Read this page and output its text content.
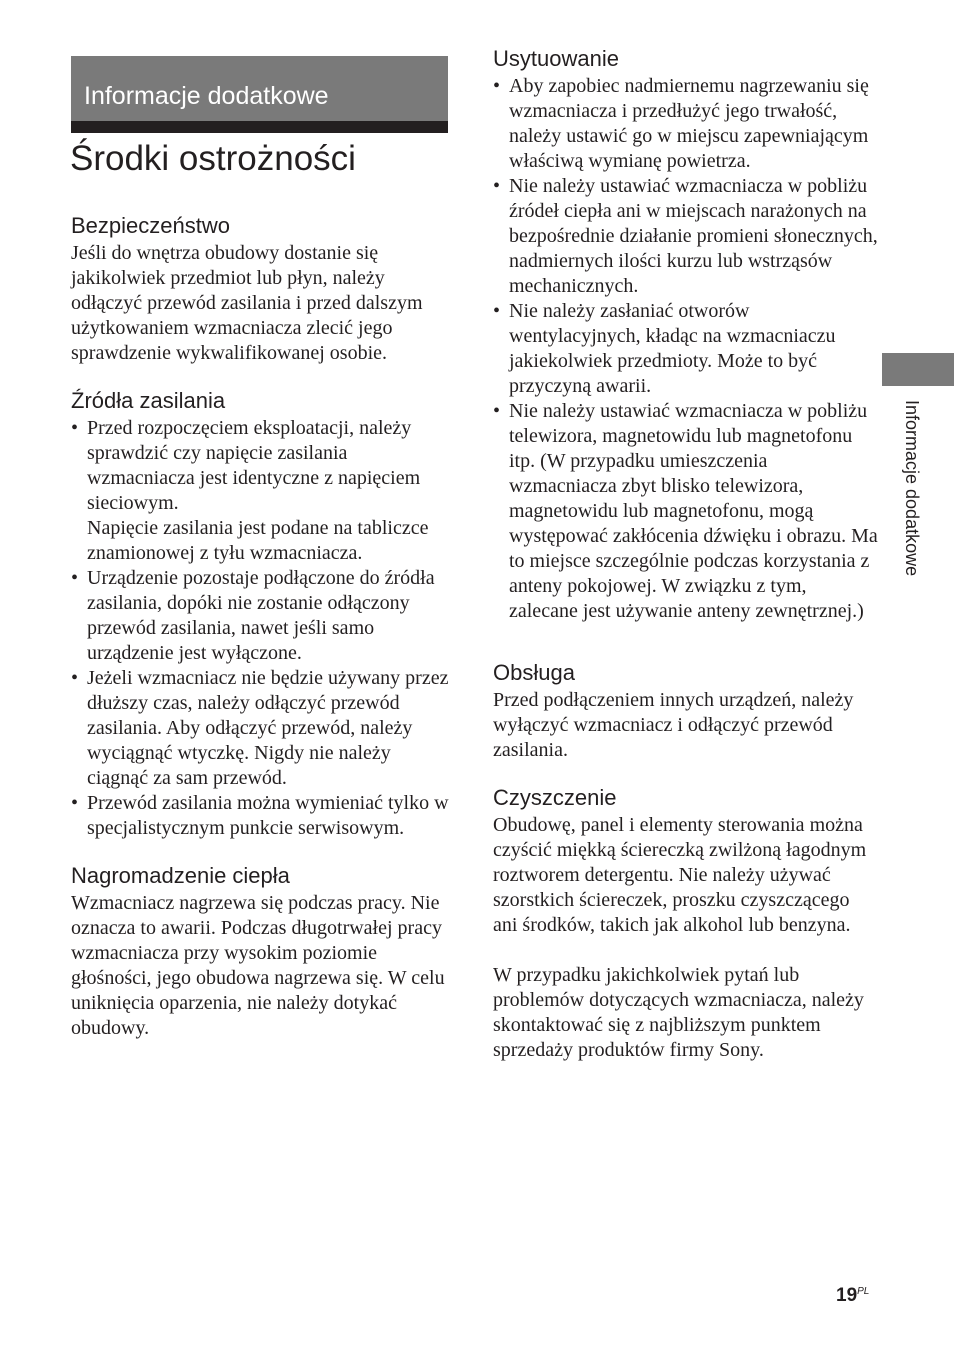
Informacje dodatkowe
Środki ostrożności
Bezpieczeństwo

Jeśli do wnętrza obudowy dostanie się jakikolwiek przedmiot lub płyn, należy odłączyć przewód zasilania i przed dalszym użytkowaniem wzmacniacza zlecić jego sprawdzenie wykwalifikowanej osobie.

Źródła zasilania
• Przed rozpoczęciem eksploatacji, należy sprawdzić czy napięcie zasilania wzmacniacza jest identyczne z napięciem sieciowym.
Napięcie zasilania jest podane na tabliczce znamionowej z tyłu wzmacniacza.
• Urządzenie pozostaje podłączone do źródła zasilania, dopóki nie zostanie odłączony przewód zasilania, nawet jeśli samo urządzenie jest wyłączone.
• Jeżeli wzmacniacz nie będzie używany przez dłuższy czas, należy odłączyć przewód zasilania. Aby odłączyć przewód, należy wyciągnąć wtyczkę. Nigdy nie należy ciągnąć za sam przewód.
• Przewód zasilania można wymieniać tylko w specjalistycznym punkcie serwisowym.
Nagromadzenie ciepła

Wzmacniacz nagrzewa się podczas pracy. Nie oznacza to awarii. Podczas długotrwałej pracy wzmacniacza przy wysokim poziomie głośności, jego obudowa nagrzewa się. W celu uniknięcia oparzenia, nie należy dotykać obudowy.

Usytuowanie
• Aby zapobiec nadmiernemu nagrzewaniu się wzmacniacza i przedłużyć jego trwałość, należy ustawić go w miejscu zapewniającym właściwą wymianę powietrza.
• Nie należy ustawiać wzmacniacza w pobliżu źródeł ciepła ani w miejscach narażonych na bezpośrednie działanie promieni słonecznych, nadmiernych ilości kurzu lub wstrząsów mechanicznych.
• Nie należy zasłaniać otworów wentylacyjnych, kładąc na wzmacniaczu jakiekolwiek przedmioty. Może to być przyczyną awarii.
• Nie należy ustawiać wzmacniacza w pobliżu telewizora, magnetowidu lub magnetofonu itp. (W przypadku umieszczenia wzmacniacza zbyt blisko telewizora, magnetowidu lub magnetofonu, mogą występować zakłócenia dźwięku i obrazu. Ma to miejsce szczególnie podczas korzystania z anteny pokojowej. W związku z tym, zalecane jest używanie anteny zewnętrznej.)
Obsługa

Przed podłączeniem innych urządzeń, należy wyłączyć wzmacniacz i odłączyć przewód zasilania.

Czyszczenie

Obudowę, panel i elementy sterowania można czyścić miękką ściereczką zwilżoną łagodnym roztworem detergentu. Nie należy używać szorstkich ściereczek, proszku czyszczącego ani środków, takich jak alkohol lub benzyna.

W przypadku jakichkolwiek pytań lub problemów dotyczących wzmacniacza, należy skontaktować się z najbliższym punktem sprzedaży produktów firmy Sony.

Informacje dodatkowe
$19^{PL}$
